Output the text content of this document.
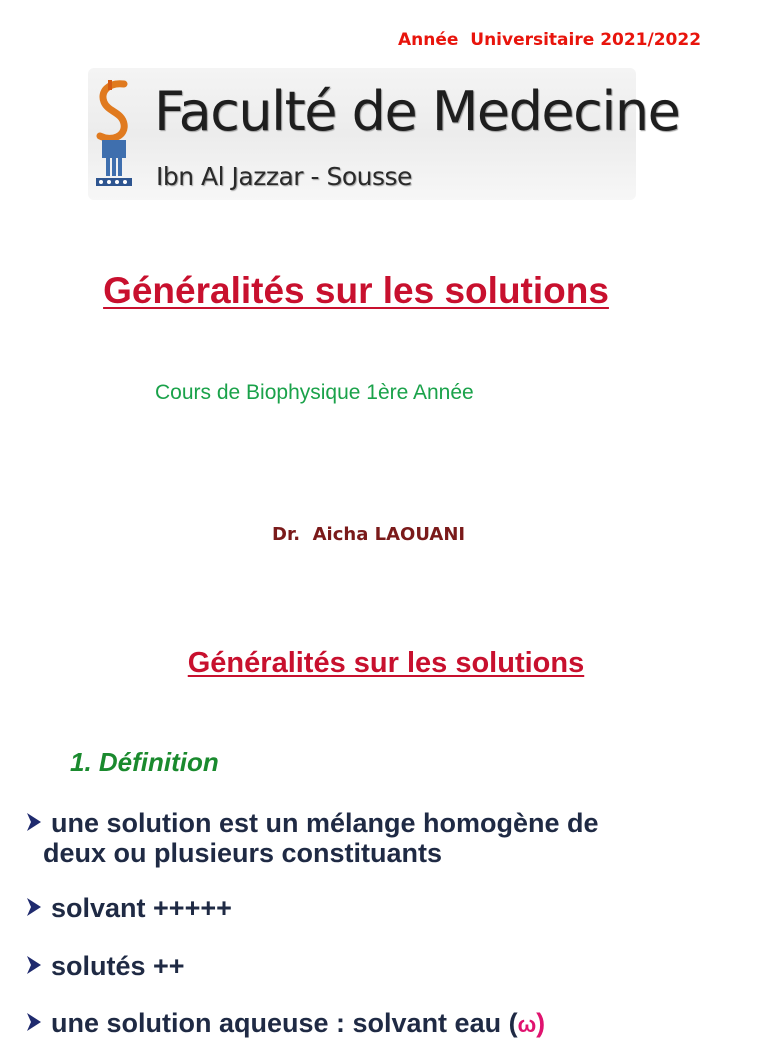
Année  Universitaire 2021/2022
Faculté de Medecine
Ibn Al Jazzar - Sousse
Généralités sur les solutions
Cours de Biophysique 1ère Année
Dr.  Aicha LAOUANI
Généralités sur les solutions
1. Définition
une solution est un mélange homogène de
deux ou plusieurs constituants
solvant +++++
solutés ++
une solution aqueuse : solvant eau (ω)
